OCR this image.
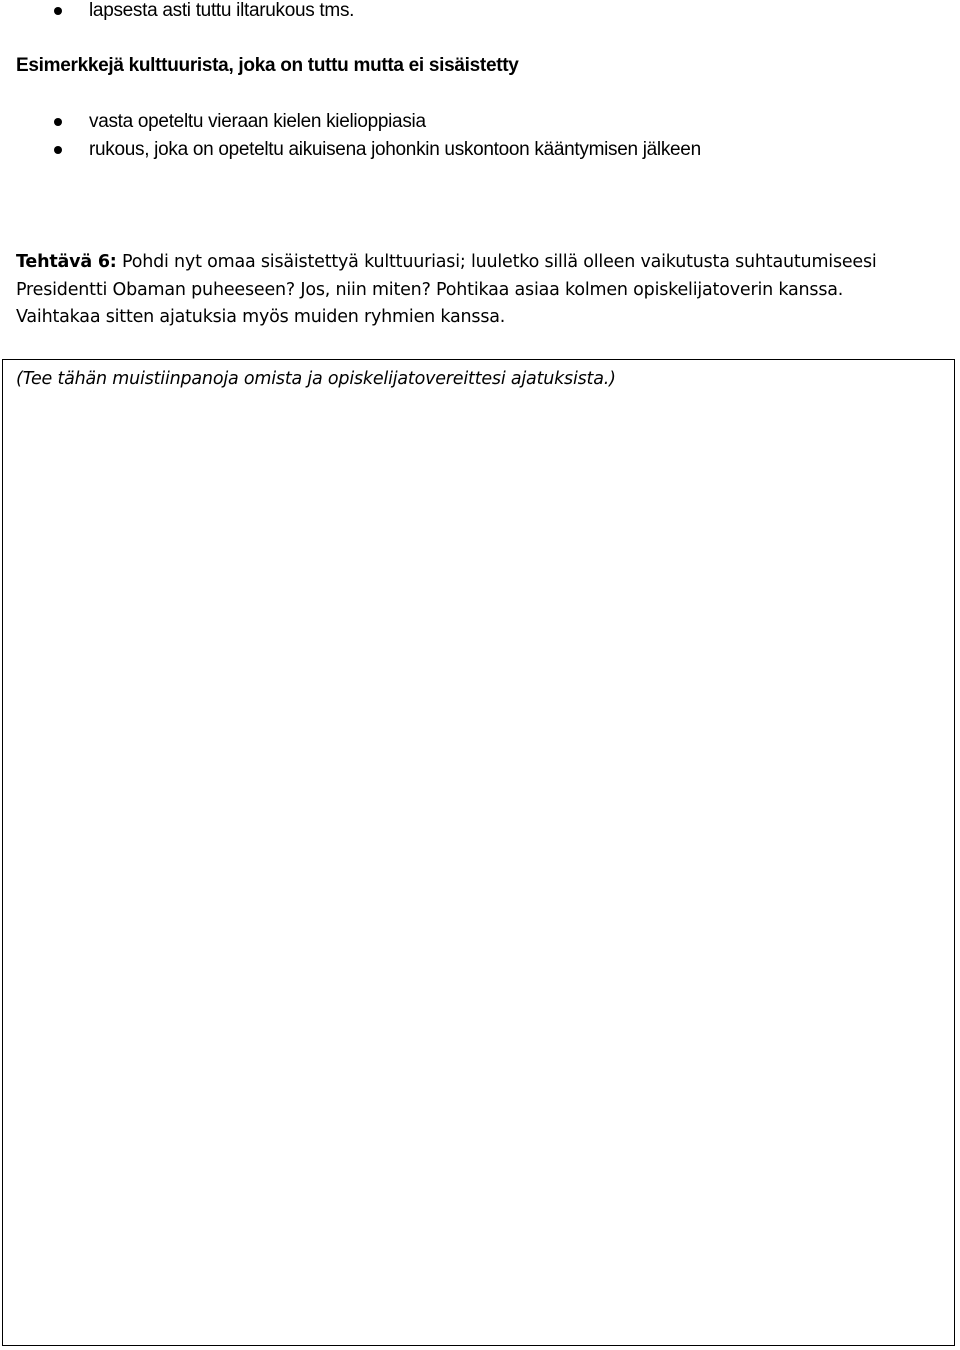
lapsesta asti tuttu iltarukous tms.
Esimerkkejä kulttuurista, joka on tuttu mutta ei sisäistetty
vasta opeteltu vieraan kielen kielioppiasia
rukous, joka on opeteltu aikuisena johonkin uskontoon kääntymisen jälkeen
Tehtävä 6: Pohdi nyt omaa sisäistettyä kulttuuriasi; luuletko sillä olleen vaikutusta suhtautumiseesi
Presidentti Obaman puheeseen? Jos, niin miten? Pohtikaa asiaa kolmen opiskelijatoverin kanssa.
Vaihtakaa sitten ajatuksia myös muiden ryhmien kanssa.
(Tee tähän muistiinpanoja omista ja opiskelijatovereittesi ajatuksista.)
